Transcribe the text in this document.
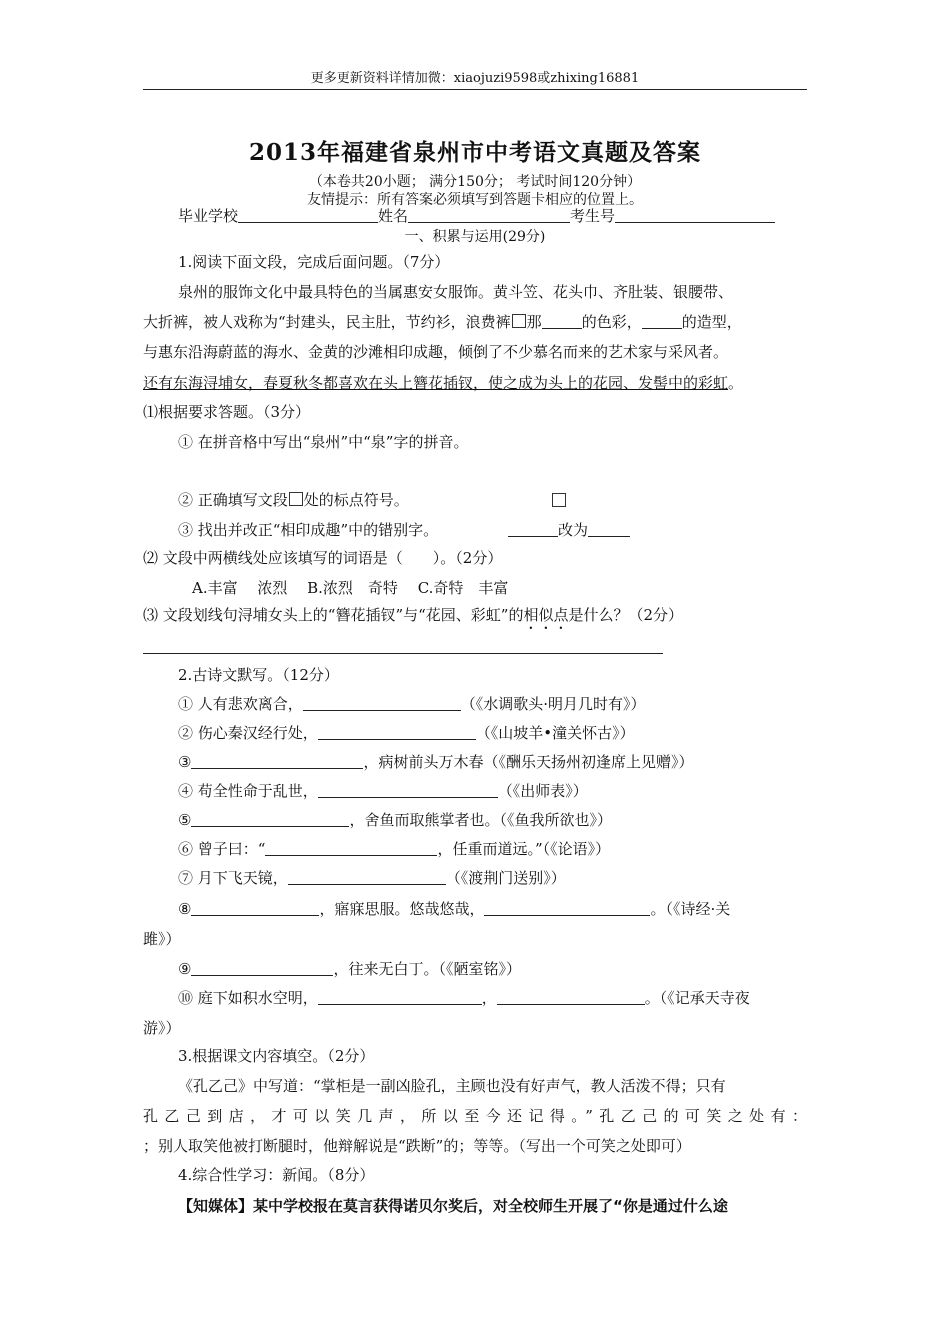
更多更新资料详情加微：xiaojuzi9598或zhixing16881
2013年福建省泉州市中考语文真题及答案
（本卷共20小题； 满分150分； 考试时间120分钟）
友情提示：所有答案必须填写到答题卡相应的位置上。
毕业学校	姓名	考生号
一、积累与运用(29分)
1.阅读下面文段，完成后面问题。（7分）
泉州的服饰文化中最具特色的当属惠安女服饰。黄斗笠、花头巾、齐肚装、银腰带、
大折裤，被人戏称为“封建头，民主肚，节约衫，浪费裤 那	的色彩，	的造型，
与惠东沿海蔚蓝的海水、金黄的沙滩相印成趣，倾倒了不少慕名而来的艺术家与采风者。
还有东海浔埔女，春夏秋冬都喜欢在头上簪花插钗，使之成为头上的花园、发髻中的彩虹。
⑴根据要求答题。（3分）
① 在拼音格中写出“泉州”中“泉”字的拼音。
② 正确填写文段 处的标点符号。
③ 找出并改正“相印成趣”中的错别字。	改为
⑵ 文段中两横线处应该填写的词语是（　　）。（2分）
A.丰富　 浓烈　 B.浓烈　奇特　 C.奇特　丰富
⑶ 文段划线句浔埔女头上的“簪花插钗”与“花园、彩虹”的相似点是什么？（2分）
2.古诗文默写。（12分）
① 人有悲欢离合，	（《水调歌头·明月几时有》）
② 伤心秦汉经行处，	（《山坡羊•潼关怀古》）
③	，病树前头万木春（《酬乐天扬州初逢席上见赠》）
④ 苟全性命于乱世，	（《出师表》）
⑤	，舍鱼而取熊掌者也。（《鱼我所欲也》）
⑥ 曾子曰：“	，任重而道远。”（《论语》）
⑦ 月下飞天镜，	（《渡荆门送别》）
⑧	，寤寐思服。悠哉悠哉，	。（《诗经·关
雎》）
⑨	，往来无白丁。（《陋室铭》）
⑩ 庭下如积水空明，	，	。（《记承天寺夜
游》）
3.根据课文内容填空。（2分）
《孔乙己》中写道：“掌柜是一副凶脸孔，主顾也没有好声气，教人活泼不得；只有
孔乙己到店，才可以笑几声，所以至今还记得。”孔乙己的可笑之处有：
；别人取笑他被打断腿时，他辩解说是“跌断”的；等等。（写出一个可笑之处即可）
4.综合性学习：新闻。（8分）
【知媒体】某中学校报在莫言获得诺贝尔奖后，对全校师生开展了“你是通过什么途
